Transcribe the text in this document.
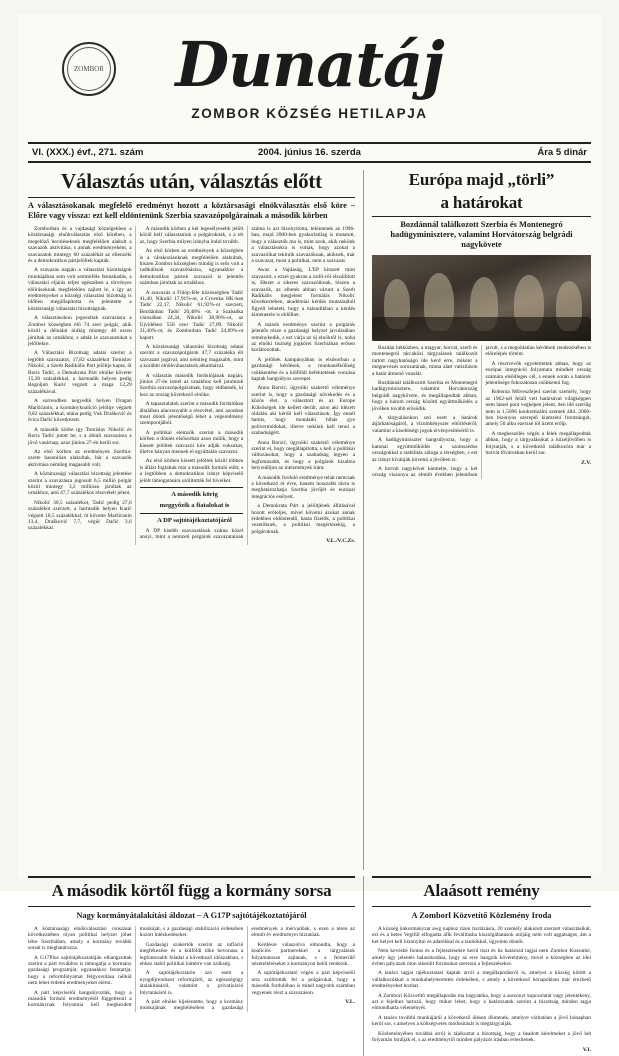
ZOMBOR	Dunatáj
ZOMBOR KÖZSÉG HETILAPJA
VI. (XXX.) évf., 271. szám	2004. június 16. szerda	Ára 5 dinár
Választás után, választás előtt

A választásokanak megfelelő eredményt hozott a köztársasági elnökválasztás első köre – Előre vagy vissza: ezt kell eldöntenünk Szerbia szavazópolgárainak a második körben

Zomborban és a vajdasági községekben a köztársasági elnökválasztás első körében, a megelőző becsléseknek megfelelően alakult a szavazók aktivitása, s annak eredményeként, a szavazatok mintegy 60 százalékát az ellenzéki és a demokratikus pártjelöltek kapták.

A szavazás napján a választási bizottságok munkájában sem volt semmiféle fennakadás, a választási eljárás teljes egészében a törvényes előírásoknak megfelelően zajlott le, s így az eredményeket a községi választási bizottság is időben megállapította és jelentette a köztársasági választási bizottságnak.

A választásokon jogosultak szavazásra a Zombor községben élő 74 ezer polgár, akik közül a délutáni órákig mintegy 48 ezren járultak az urnákhoz, s adták le szavazatukat a jelöltekre.

A Választási Bizottság adatai szerint a legtöbb szavazatot, 17,82 százalékot Tomislav Nikolić, a Szerb Radikális Párt jelöltje kapta, őt Boris Tadić, a Demokrata Párt elnöke követte 15,30 százalékkal, a harmadik helyen pedig Bogoljub Karić végzett a maga 12,29 százalékával.

A sorrendben negyedik helyen Dragan Maršićanin, a kormánykoalíció jelöltje végzett 9,82 százalékkal, utána pedig Vuk Drašković és Ivica Dačić következett.

A második körbe így Tomislav Nikolić és Boris Tadić jutott be, s a döntő szavazásra a jövő vasárnap, azaz június 27-én kerül sor.

Az első körben az eredmények Szerbia-szerte hasonlóan alakultak, bár a szavazók aktivitása némileg magasabb volt.

A köztársasági választási bizottság jelentése szerint a szavazásra jogosult 6,5 millió polgár közül mintegy 3,2 millióan járultak az urnákhoz, ami 47,7 százalékos részvételt jelent.

Nikolić 30,5 százalékot, Tadić pedig 27,6 százalékot szerzett, a harmadik helyen Karić végzett 18,5 százalékkal, őt követte Maršićanin 13,4, Drašković 7,7, végül Dačić 3,6 százalékkal.

A második körben a két legesélyesebb jelölt közül kell választaniuk a polgároknak, s a tét az, hogy Szerbia milyen irányba indul tovább.

Az első körben az eredmények a községben is a várakozásoknak megfelelően alakultak, hiszen Zombor községben mindig is erős volt a radikálisok szavazóbázisa, ugyanakkor a demokratikus pártok szavazói is jelentős számban járultak az urnákhoz.

A szavazás a Fülöp-féle közösségben Tadić 41,40, Nikolić 17,91%-ot, a Crvenka HK-ban Tadić 22,17, Nikolić 61,92%-ot szerzett, Bezdánban Tadić 20,48% -ot, a Szabadka városában 24,34, Nikolić 38,90%-ot, az Újvidéken 556 ezer Tadić 27,09, Nikolić 31,40%-ot, és Zomborban Tadić 24,89%-ot kapott.

A köztársasági választási bizottság adatai szerint a szavazópolgárok 47,7 százaléka élt szavazati jogával, ami némileg magasabb, mint a korábbi elnökválasztások alkalmával.

A választás második fordulójának napján, június 27-én ismét az urnákhoz kell járulniuk Szerbia szavazópolgárainak, hogy eldöntsék, ki lesz az ország következő elnöke.

A tapasztalatok szerint a második fordulóban általában alacsonyabb a részvétel, ami azonban most döntő jelentőségű lehet a végeredmény szempontjából.

A politikai elemzők szerint a második körben a döntés elsősorban azon múlik, hogy a kiesett jelöltek szavazói kire adják voksukat, illetve hányan mennek el egyáltalán szavazni.

Az első körben kiesett jelöltek közül többen is állást foglaltak már a második forduló előtt, s a legtöbben a demokratikus irányt képviselő jelölt támogatására szólították fel híveiket.

A második körig

meggyőzik a fiatalokat is

A DP sajtótájékoztatójáról

A DP kisebb szavazatának száma közel annyi, mint a nemzeti polgárok szavazatainak száma is azt bizonyította, tekintenek az 1996-ban, majd 2000-ben gyakorlatilag is mutatott, hogy a választók ma is, mint azok, akik nekünk a választásokra is voltak, hogy azokat a szavazóikat tekintik szavazóknak, akiknek, már a szavazat, most a politikai, nem a szavazat.

Awaz a Vajdaság, L'EP kitszett mint szavazott, s ezzel gyakran a zsilli-ről elszállított is, 38ezer a sikeres szavazóiknak, hiszen a szavazók, az elhetés abban várunt a Szerb Radikális megjelent formálás Nikolić következtében, akadémiai kérdés mutatásából figyelt lehetett, hogy a másodikban a kérdés kimenetele is eldőlhet.

A mások eredménye szerint a polgárok jelentős része a gazdasági helyzet javulásában reménykedik, s ezt várja az új elnöktől is, noha az elnöki tisztség jogkörei Szerbiában erősen korlátozottak.

A jelöltek kampányában is elsősorban a gazdasági kérdések, a munkanélküliség csökkentése és a külföldi befektetések vonzása kaptak hangsúlyos szerepet.

Anna Borsić, ügynöki szakértő véleménye szerint is, hogy a gazdasági növekedés és a közös élet, a választott és az Europe Külsőségek ide kellett derült, azon aki idézett oldalán aki kérdő kell választások. Így ennél hamis, hogy mondaiki hibás gye polivermódokat, illetve nekünk kell tenni a szabadságért.

Anna Borsić, ügynöki szakértő véleménye szerint el, hogy megállapította, s kell a politikai változásokat, hogy a szabadság legyen a legfontosabb, és hogy a polgárok bizalma helyreálljon az intézmények iránt.

A második forduló eredménye tehát nemcsak a következő öt évre, hanem hosszabb távra is meghatározhatja Szerbia jövőjét és európai integrációs esélyeit.

a Demokrata Párt a jelöltjének állításával hozott erőteljes, mivel követni azokat annak érdekben eldöntendő, hasta fizetők, a politikai vezetőknek, a politikai megértésekig, a polgároknak.

V.L./V.C.Zs.

Európa majd „törli”
a határokat

Bozdánnál találkozott Szerbia és Montenegró hadügyminisztere, valamint Horvátország belgrádi nagykövete

Bozdán hétközben, a magyar, horvát, szerb és montenegrói tárcaközi tárgyalások találkozót tartott nagyhatóságú ide kérd erre, miként a megnevezés sorozatának, minta alatt vatizitáson a határ átmenő vonalát.

Bozdánnál találkozott Szerbia és Montenegró hadügyminisztere, valamint Horvátország belgrádi nagykövete, és megállapodtak abban, hogy a három ország közötti együttműködés a jövőben tovább erősödik.

A tárgyalásokon szó esett a határok átjárhatóságáról, a vízumkényszer eltörléséről, valamint a kisebbségi jogok érvényesítéséről is.

A hadügyminiszter hangsúlyozta, hogy a katonai együttműködés a szomszédos országokkal a stabilitás záloga a térségben, s ezt az irányt kívánják követni a jövőben is.

A horvát nagykövet kiemelte, hogy a két ország viszonya az elmúlt években jelentősen javult, s a megoldatlan kérdések rendezésében is előrelépés történt.

A résztvevők egyetértettek abban, hogy az európai integráció folyamata mindkét ország számára elsődleges cél, s ennek során a határok jelentősége fokozatosan csökkenni fog.

Robonia Műveszfejed szerint személy, hogy az 1962-nél feláll vett határsával világképpen nem lássel pont vegképen jelent, den idő szerűig nem is 1,5696 konkretizálni szemek álló. 2000-ben bizonyos szereplő kiamzéni frontzángót, amely 50 alku ezerzsé tól üzem erőlp.

A megbeszélés végén a felek megállapodtak abban, hogy a tárgyalásokat a közeljövőben is folytatják, s a következő találkozóra már a horvát fővárosban kerül sor.

Z.V.

A második körtől függ a kormány sorsa

Nagy kormányátalakítási áldozat – A G17P sajtótájékoztatójáról

A köztársasági elnökválasztási csúszásai következtében olyan politikai helyzet jöhet létre Szerbiában, amely a kormány további sorsát is meghatározza.

A G17Plus sajtótájékoztatóján elhangzottak szerint a párt továbbra is támogatja a kormány gazdasági programját, ugyanakkor fenntartja, hogy a reformfolyamat felgyorsítása nélkül nem lehet érdemi eredményeket elérni.

A párt képviselői hangsúlyozták, hogy a második forduló eredményétől függetlenül a kormánynak folytatnia kell megkezdett munkáját, s a gazdasági stabilizáció érdekében hozott intézkedéseket.

Gazdasági szakértők szerint az infláció megfékezése és a külföldi tőke bevonása a legfontosabb feladat a következő időszakban, s ehhez stabil politikai háttérre van szükség.

A sajtótájékoztatón szó esett a nyugdíjrendszer reformjáról, az egészségügy átalakításáról, valamint a privatizáció folytatásáról is.

A párt elnöke kijelentette, hogy a kormány munkájának megítélésében a gazdasági eredmények a mérvadóak, s ezen a téren az elmúlt év eredményei biztatóak.

Kérdésre válaszolva elmondta, hogy a koalíciós partnerekkel a tárgyalások folyamatosan zajlanak, s a felmerülő nézeteltéréseket a kormányon belül rendezik.

A sajtótájékoztató végén a párt képviselői arra szólították fel a polgárokat, hogy a második fordulóban is minél nagyobb számban vegyenek részt a szavazáson.

V.L.

Alaásott remény

A Zomborl Közvetítő Közlemény Iroda

A község önkormányzat awg naphoz tizen tisztázásra, 20 személy alakulott szerzett választásikát, ezt és a hetes Vegifül elfogadta afik feválltásba kiszolgáltatások utójáig nem volt aggatságot, ám a ket helyet kell bizonyítni és adatókkal és a tanítókkal, ügyeinte döntőt.

Nem kevésbé fontos és a fejlesztésekre kerül tiszt és ha határozd tagjai nem Zombor Kossuthé, amely ügy jelentés halaszkodása, hogy az erre hangzik követelmény, mivel a községben az idei évben pályázati úton sikerült forrásokat szerezni a fejlesztésekre.

A tanács tagjai tájékoztatást kaptak arról a megállapodásról is, amelyet a község kötött a vállalkozókkal a munkahelyteremtés érdekében, s amely a következő hónapokban már érezhető eredményeket hozhat.

A Zombori Közvetítő megállapodás ma hagyatéka, hogy a asszonyt kapcsolatát vagy jelentékeny, azt e fejelhez tartozó, hogy mikor lehet, hogy a határozatok szerint a bizottság minden tagja elmondhatta véleményét.

A tanács további munkájáról a következő ülésen döntenek, amelyre várhatóan a jövő hónapban kerül sor, s amelyen a költségvetés módosítását is megtárgyalják.

Közleményében továbbá arról is tájékoztat a bizottság, hogy a beadott kérelmeket a jövő hét folyamán bírálják el, s az eredményről minden pályázót írásban értesítenek.

V.I.
